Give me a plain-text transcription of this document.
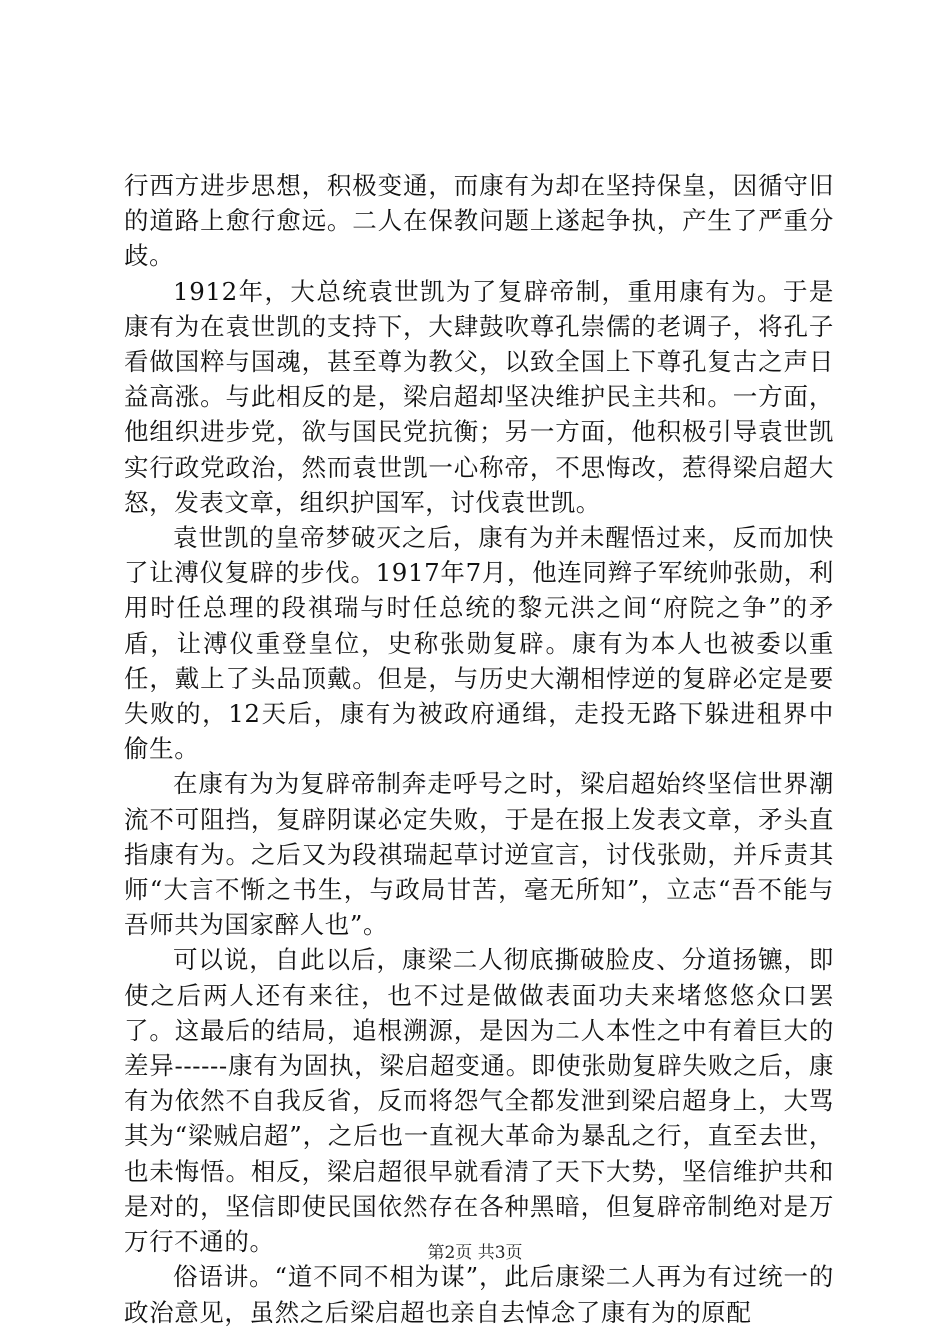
行西方进步思想，积极变通，而康有为却在坚持保皇，因循守旧的道路上愈行愈远。二人在保教问题上遂起争执，产生了严重分歧。

1912年，大总统袁世凯为了复辟帝制，重用康有为。于是康有为在袁世凯的支持下，大肆鼓吹尊孔崇儒的老调子，将孔子看做国粹与国魂，甚至尊为教父，以致全国上下尊孔复古之声日益高涨。与此相反的是，梁启超却坚决维护民主共和。一方面，他组织进步党，欲与国民党抗衡；另一方面，他积极引导袁世凯实行政党政治，然而袁世凯一心称帝，不思悔改，惹得梁启超大怒，发表文章，组织护国军，讨伐袁世凯。

袁世凯的皇帝梦破灭之后，康有为并未醒悟过来，反而加快了让溥仪复辟的步伐。1917年7月，他连同辫子军统帅张勋，利用时任总理的段祺瑞与时任总统的黎元洪之间“府院之争”的矛盾，让溥仪重登皇位，史称张勋复辟。康有为本人也被委以重任，戴上了头品顶戴。但是，与历史大潮相悖逆的复辟必定是要失败的，12天后，康有为被政府通缉，走投无路下躲进租界中偷生。

在康有为为复辟帝制奔走呼号之时，梁启超始终坚信世界潮流不可阻挡，复辟阴谋必定失败，于是在报上发表文章，矛头直指康有为。之后又为段祺瑞起草讨逆宣言，讨伐张勋，并斥责其师“大言不惭之书生，与政局甘苦，毫无所知”，立志“吾不能与吾师共为国家醉人也”。

可以说，自此以后，康梁二人彻底撕破脸皮、分道扬镳，即使之后两人还有来往，也不过是做做表面功夫来堵悠悠众口罢了。这最后的结局，追根溯源，是因为二人本性之中有着巨大的差异------康有为固执，梁启超变通。即使张勋复辟失败之后，康有为依然不自我反省，反而将怨气全都发泄到梁启超身上，大骂其为“梁贼启超”，之后也一直视大革命为暴乱之行，直至去世，也未悔悟。相反，梁启超很早就看清了天下大势，坚信维护共和是对的，坚信即使民国依然存在各种黑暗，但复辟帝制绝对是万万行不通的。

俗语讲。“道不同不相为谋”，此后康梁二人再为有过统一的政治意见，虽然之后梁启超也亲自去悼念了康有为的原配

第2页 共3页
